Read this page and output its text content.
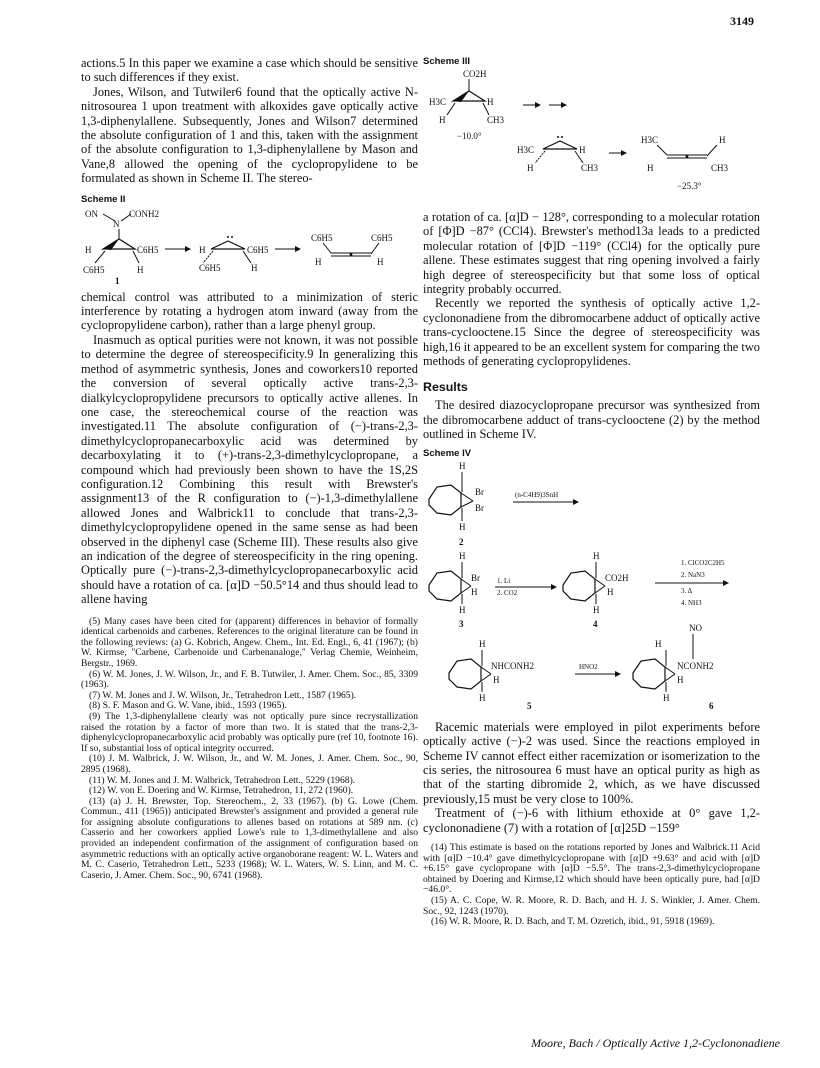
3149

actions.5 In this paper we examine a case which should be sensitive to such differences if they exist.

Jones, Wilson, and Tutwiler6 found that the optically active N-nitrosourea 1 upon treatment with alkoxides gave optically active 1,3-diphenylallene. Subsequently, Jones and Wilson7 determined the absolute configuration of 1 and this, taken with the assignment of the absolute configuration to 1,3-diphenylallene by Mason and Vane,8 allowed the opening of the cyclopropylidene to be formulated as shown in Scheme II. The stereo-

Scheme II

ON
N
CONH2
H	C6H5
C6H5	H
1
H	C6H5
C6H5	H
C6H5
H
C6H5
H

chemical control was attributed to a minimization of steric interference by rotating a hydrogen atom inward (away from the cyclopropylidene carbon), rather than a large phenyl group.

Inasmuch as optical purities were not known, it was not possible to determine the degree of stereospecificity.9 In generalizing this method of asymmetric synthesis, Jones and coworkers10 reported the conversion of several optically active trans-2,3-dialkylcyclopropylidene precursors to optically active allenes. In one case, the stereochemical course of the reaction was investigated.11 The absolute configuration of (−)-trans-2,3-dimethylcyclopropanecarboxylic acid was determined by decarboxylating it to (+)-trans-2,3-dimethylcyclopropane, a compound which had previously been shown to have the 1S,2S configuration.12 Combining this result with Brewster's assignment13 of the R configuration to (−)-1,3-dimethylallene allowed Jones and Walbrick11 to conclude that trans-2,3-dimethylcyclopropylidene opened in the same sense as had been observed in the diphenyl case (Scheme III). These results also give an indication of the degree of stereospecificity in the ring opening. Optically pure (−)-trans-2,3-dimethylcyclopropanecarboxylic acid should have a rotation of ca. [α]D −50.5°14 and thus should lead to allene having

(5) Many cases have been cited for (apparent) differences in behavior of formally identical carbenoids and carbenes. References to the original literature can be found in the following reviews: (a) G. Kobrich, Angew. Chem., Int. Ed. Engl., 6, 41 (1967); (b) W. Kirmse, "Carbene, Carbenoide und Carbenanaloge," Verlag Chemie, Weinheim, Bergstr., 1969.
(6) W. M. Jones, J. W. Wilson, Jr., and F. B. Tutwiler, J. Amer. Chem. Soc., 85, 3309 (1963).
(7) W. M. Jones and J. W. Wilson, Jr., Tetrahedron Lett., 1587 (1965).
(8) S. F. Mason and G. W. Vane, ibid., 1593 (1965).
(9) The 1,3-diphenylallene clearly was not optically pure since recrystallization raised the rotation by a factor of more than two. It is stated that the trans-2,3-diphenylcyclopropanecarboxylic acid probably was optically pure (ref 10, footnote 16). If so, substantial loss of optical integrity occurred.
(10) J. M. Walbrick, J. W. Wilson, Jr., and W. M. Jones, J. Amer. Chem. Soc., 90, 2895 (1968).
(11) W. M. Jones and J. M. Walbrick, Tetrahedron Lett., 5229 (1968).
(12) W. von E. Doering and W. Kirmse, Tetrahedron, 11, 272 (1960).
(13) (a) J. H. Brewster, Top. Stereochem., 2, 33 (1967). (b) G. Lowe (Chem. Commun., 411 (1965)) anticipated Brewster's assignment and provided a general rule for assigning absolute configurations to allenes based on rotations at 589 nm. (c) Casserio and her coworkers applied Lowe's rule to 1,3-dimethylallene and also provided an independent confirmation of the assignment of configuration based on asymmetric reductions with an optically active organoborane reagent: W. L. Waters and M. C. Caserio, Tetrahedron Lett., 5233 (1968); W. L. Waters, W. S. Linn, and M. C. Caserio, J. Amer. Chem. Soc., 90, 6741 (1968).

Scheme III

CO2H
H3C	H
H	CH3
−10.0°
H3C	H
H	CH3
H3C
H
H
CH3
−25.3°

a rotation of ca. [α]D − 128°, corresponding to a molecular rotation of [Φ]D −87° (CCl4). Brewster's method13a leads to a predicted molecular rotation of [Φ]D −119° (CCl4) for the optically pure allene. These estimates suggest that ring opening involved a fairly high degree of stereospecificity but that some loss of optical integrity probably occurred.

Recently we reported the synthesis of optically active 1,2-cyclononadiene from the dibromocarbene adduct of optically active trans-cyclooctene.15 Since the degree of stereospecificity was high,16 it appeared to be an excellent system for comparing the two methods of generating cyclopropylidenes.

Results

The desired diazocyclopropane precursor was synthesized from the dibromocarbene adduct of trans-cyclooctene (2) by the method outlined in Scheme IV.

Scheme IV

H
Br
Br
H
2
(n-C4H9)3SnH
H
Br
H
H
3
1. Li
2. CO2
H
CO2H
H
H
4
1. ClCO2C2H5
2. NaN3
3. Δ
4. NH3
H
NHCONH2
H
H
5
HNO2
H
NO
NCONH2
H
H
6

Racemic materials were employed in pilot experiments before optically active (−)-2 was used. Since the reactions employed in Scheme IV cannot effect either racemization or isomerization to the cis series, the nitrosourea 6 must have an optical purity as high as that of the starting dibromide 2, which, as we have discussed previously,15 must be very close to 100%.

Treatment of (−)-6 with lithium ethoxide at 0° gave 1,2-cyclononadiene (7) with a rotation of [α]25D −159°

(14) This estimate is based on the rotations reported by Jones and Walbrick.11 Acid with [α]D −10.4° gave dimethylcyclopropane with [α]D +9.63° and acid with [α]D +6.15° gave cyclopropane with [α]D −5.5°. The trans-2,3-dimethylcyclopropane obtained by Doering and Kirmse,12 which should have been optically pure, had [α]D −46.0°.
(15) A. C. Cope, W. R. Moore, R. D. Bach, and H. J. S. Winkler, J. Amer. Chem. Soc., 92, 1243 (1970).
(16) W. R. Moore, R. D. Bach, and T. M. Ozretich, ibid., 91, 5918 (1969).
Moore, Bach / Optically Active 1,2-Cyclononadiene
